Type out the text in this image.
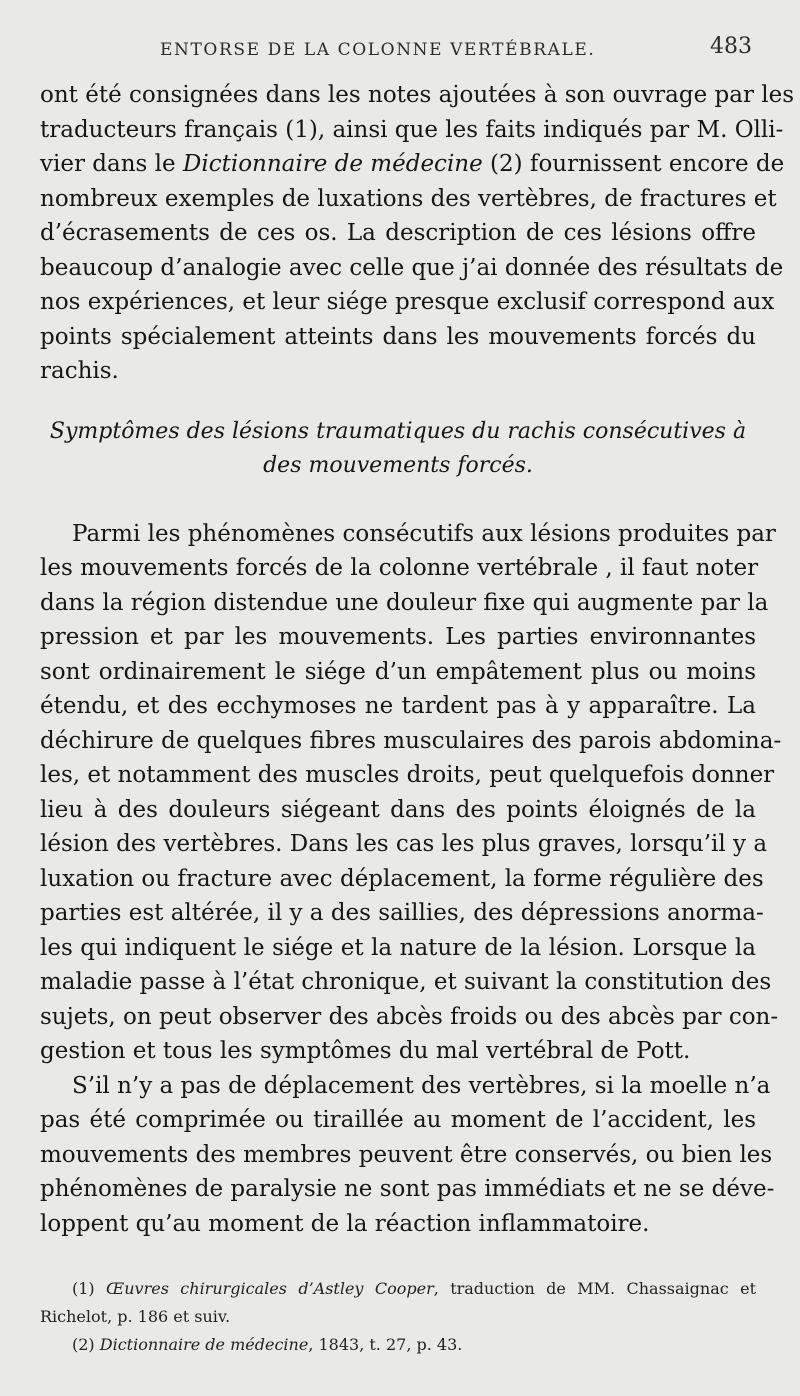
ENTORSE DE LA COLONNE VERTÉBRALE.	483
ont été consignées dans les notes ajoutées à son ouvrage par les
traducteurs français (1), ainsi que les faits indiqués par M. Olli-
vier dans le Dictionnaire de médecine (2) fournissent encore de
nombreux exemples de luxations des vertèbres, de fractures et
d’écrasements de ces os. La description de ces lésions offre
beaucoup d’analogie avec celle que j’ai donnée des résultats de
nos expériences, et leur siége presque exclusif correspond aux
points spécialement atteints dans les mouvements forcés du
rachis.
Symptômes des lésions traumatiques du rachis consécutives à
des mouvements forcés.
Parmi les phénomènes consécutifs aux lésions produites par
les mouvements forcés de la colonne vertébrale , il faut noter
dans la région distendue une douleur fixe qui augmente par la
pression et par les mouvements. Les parties environnantes
sont ordinairement le siége d’un empâtement plus ou moins
étendu, et des ecchymoses ne tardent pas à y apparaître. La
déchirure de quelques fibres musculaires des parois abdomina-
les, et notamment des muscles droits, peut quelquefois donner
lieu à des douleurs siégeant dans des points éloignés de la
lésion des vertèbres. Dans les cas les plus graves, lorsqu’il y a
luxation ou fracture avec déplacement, la forme régulière des
parties est altérée, il y a des saillies, des dépressions anorma-
les qui indiquent le siége et la nature de la lésion. Lorsque la
maladie passe à l’état chronique, et suivant la constitution des
sujets, on peut observer des abcès froids ou des abcès par con-
gestion et tous les symptômes du mal vertébral de Pott.
S’il n’y a pas de déplacement des vertèbres, si la moelle n’a
pas été comprimée ou tiraillée au moment de l’accident, les
mouvements des membres peuvent être conservés, ou bien les
phénomènes de paralysie ne sont pas immédiats et ne se déve-
loppent qu’au moment de la réaction inflammatoire.
(1) Œuvres chirurgicales d’Astley Cooper, traduction de MM. Chassaignac et
Richelot, p. 186 et suiv.
(2) Dictionnaire de médecine, 1843, t. 27, p. 43.
